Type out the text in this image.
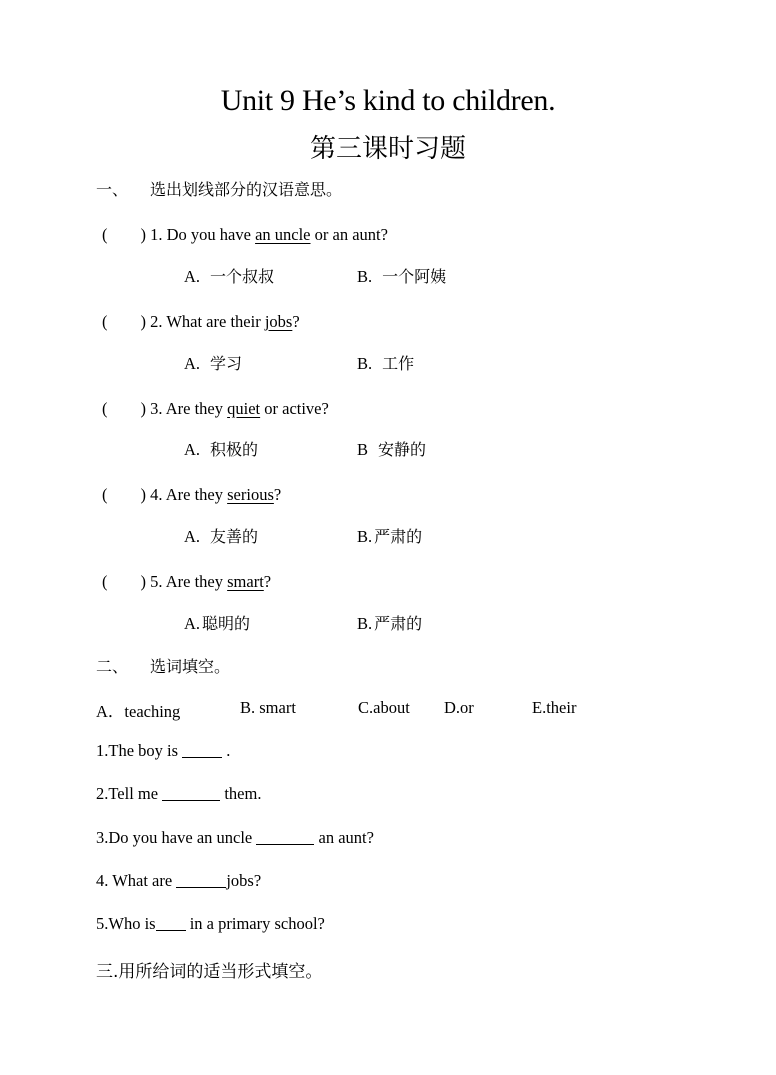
Unit 9 He’s kind to children.
第三课时习题
一、 选出划线部分的汉语意思。
(　　) 1. Do you have an uncle or an aunt?
A. 一个叔叔	B. 一个阿姨
(　　) 2. What are their jobs?
A. 学习	B. 工作
(　　) 3. Are they quiet or active?
A. 积极的	B 安静的
(　　) 4. Are they serious?
A. 友善的	B. 严肃的
(　　) 5. Are they smart?
A. 聪明的	B. 严肃的
二、 选词填空。
A．teaching	B. smart	C.about D.or	E.their
1.The boy is	.
2.Tell me	them.
3.Do you have an uncle	an aunt?
4. What are	jobs?
5.Who is in a primary school?
三.用所给词的适当形式填空。
